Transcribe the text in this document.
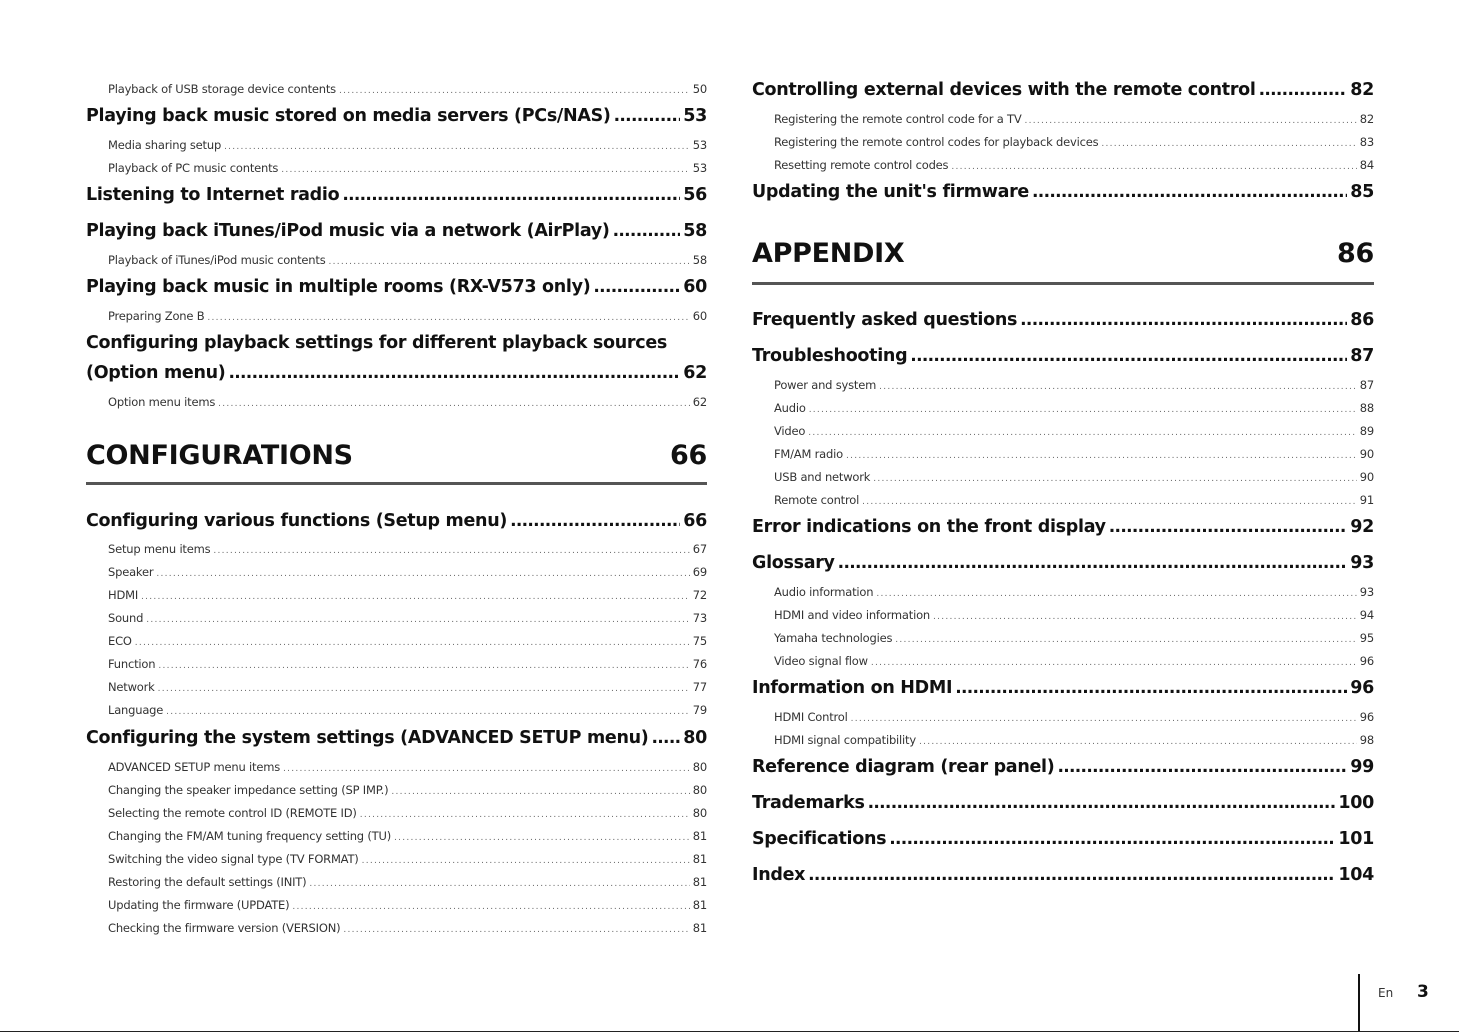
Playback of USB storage device contents . . .	50
Playing back music stored on media servers (PCs/NAS) . . .	53
Media sharing setup . . .	53
Playback of PC music contents . . .	53
Listening to Internet radio . . .	56
Playing back iTunes/iPod music via a network (AirPlay) . . .	58
Playback of iTunes/iPod music contents . . .	58
Playing back music in multiple rooms (RX-V573 only) . . .	60
Preparing Zone B . . .	60
Configuring playback settings for different playback sources
(Option menu) . . .	62
Option menu items . . .	62
CONFIGURATIONS	66
Configuring various functions (Setup menu) . . .	66
Setup menu items . . .	67
Speaker . . .	69
HDMI . . .	72
Sound . . .	73
ECO . . .	75
Function . . .	76
Network . . .	77
Language . . .	79
Configuring the system settings (ADVANCED SETUP menu) . . . 80
ADVANCED SETUP menu items . . .	80
Changing the speaker impedance setting (SP IMP.) . . .	80
Selecting the remote control ID (REMOTE ID) . . .	80
Changing the FM/AM tuning frequency setting (TU) . . .	81
Switching the video signal type (TV FORMAT) . . .	81
Restoring the default settings (INIT) . . .	81
Updating the firmware (UPDATE) . . .	81
Checking the firmware version (VERSION) . . .	81
Controlling external devices with the remote control . . .	82
Registering the remote control code for a TV . . .	82
Registering the remote control codes for playback devices . . .	83
Resetting remote control codes . . .	84
Updating the unit's firmware . . .	85
APPENDIX	86
Frequently asked questions . . .	86
Troubleshooting . . .	87
Power and system . . .	87
Audio . . .	88
Video . . .	89
FM/AM radio . . .	90
USB and network . . .	90
Remote control . . .	91
Error indications on the front display . . .	92
Glossary . . .	93
Audio information . . .	93
HDMI and video information . . .	94
Yamaha technologies . . .	95
Video signal flow . . .	96
Information on HDMI . . .	96
HDMI Control . . .	96
HDMI signal compatibility . . .	98
Reference diagram (rear panel) . . .	99
Trademarks . . .	100
Specifications . . .	101
Index . . .	104
En 3
